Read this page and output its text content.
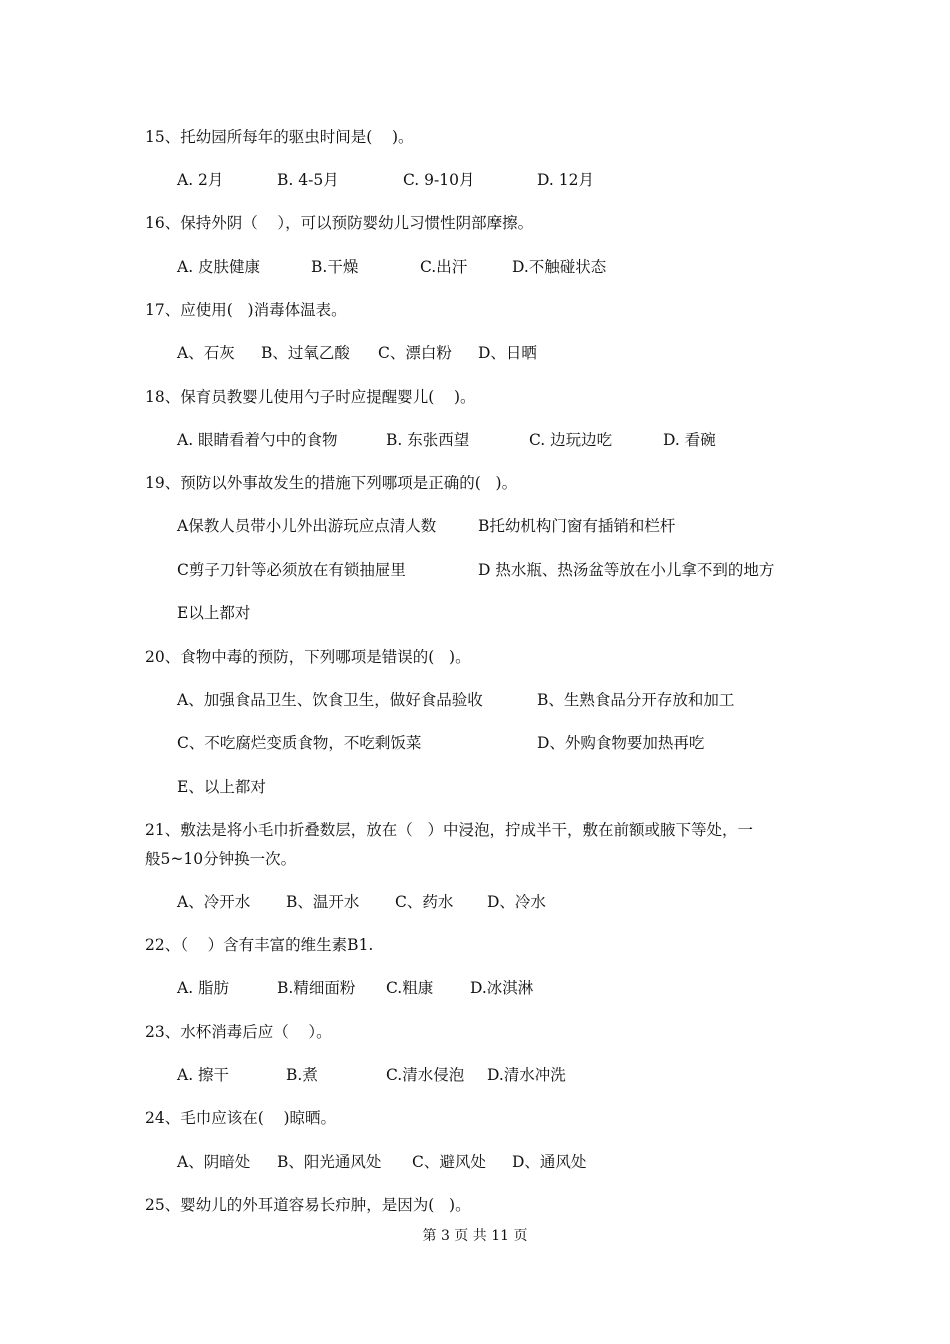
15、托幼园所每年的驱虫时间是(    )。
A. 2月	B. 4-5月	C. 9-10月	D. 12月
16、保持外阴（    ），可以预防婴幼儿习惯性阴部摩擦。
A. 皮肤健康	B.干燥	C.出汗	D.不触碰状态
17、应使用(   )消毒体温表。
A、石灰 B、过氧乙酸 C、漂白粉 D、日晒
18、保育员教婴儿使用勺子时应提醒婴儿(    )。
A. 眼睛看着勺中的食物	B. 东张西望	C. 边玩边吃	D. 看碗
19、预防以外事故发生的措施下列哪项是正确的(   )。
A保教人员带小儿外出游玩应点清人数	B托幼机构门窗有插销和栏杆
C剪子刀针等必须放在有锁抽屉里	D 热水瓶、热汤盆等放在小儿拿不到的地方
E以上都对
20、食物中毒的预防，下列哪项是错误的(   )。
A、加强食品卫生、饮食卫生，做好食品验收	B、生熟食品分开存放和加工
C、不吃腐烂变质食物，不吃剩饭菜	D、外购食物要加热再吃
E、以上都对
21、敷法是将小毛巾折叠数层，放在（   ）中浸泡，拧成半干，敷在前额或腋下等处，一
般5~10分钟换一次。
A、冷开水 B、温开水 C、药水 D、冷水
22、（    ）含有丰富的维生素B1.
A. 脂肪	B.精细面粉 C.粗康 D.冰淇淋
23、水杯消毒后应（    ）。
A. 擦干	B.煮	C.清水侵泡 D.清水冲洗
24、毛巾应该在(    )晾晒。
A、阴暗处 B、阳光通风处 C、避风处 D、通风处
25、婴幼儿的外耳道容易长疖肿，是因为(   )。
第 3 页 共 11 页
